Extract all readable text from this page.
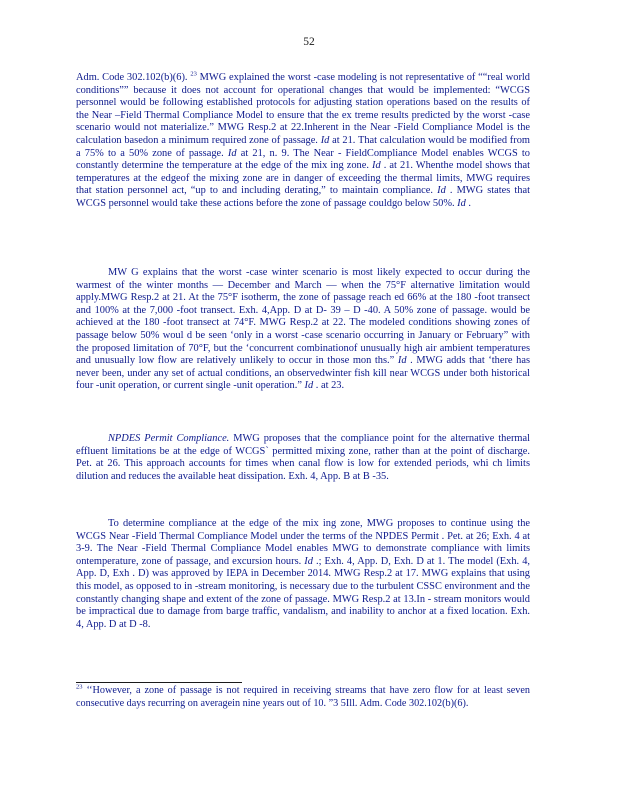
52

Adm. Code 302.102(b)(6). $^{23}$ MWG explained the worst -case modeling is not representative of ““real world conditions”” because it does not account for operational changes that would be implemented: “WCGS personnel would be following established protocols for adjusting station operations based on the results of the Near –Field Thermal Compliance Model to ensure that the ex treme results predicted by the worst -case scenario would not materialize.” MWG Resp.2 at 22.Inherent in the Near -Field Compliance Model is the calculation basedon a minimum required zone of passage. Id at 21. That calculation would be modified from a 75% to a 50% zone of passage. Id at 21, n. 9. The Near - FieldCompliance Model enables WCGS to constantly determine the temperature at the edge of the mix ing zone. Id . at 21. Whenthe model shows that temperatures at the edgeof the mixing zone are in danger of exceeding the thermal limits, MWG requires that station personnel act, “up to and including derating,” to maintain compliance. Id . MWG states that WCGS personnel would take these actions before the zone of passage couldgo below 50%. Id .

MW G explains that the worst -case winter scenario is most likely expected to occur during the warmest of the winter months — December and March — when the 75°F alternative limitation would apply.MWG Resp.2 at 21. At the 75°F isotherm, the zone of passage reach ed 66% at the 180 -foot transect and 100% at the 7,000 -foot transect. Exh. 4,App. D at D- 39 – D -40. A 50% zone of passage. would be achieved at the 180 -foot transect at 74°F. MWG Resp.2 at 22. The modeled conditions showing zones of passage below 50% woul d be seen ‘only in a worst -case scenario occurring in January or February” with the proposed limitation of 70°F, but the ‘concurrent combinationof unusually high air ambient temperatures and unusually low flow are relatively unlikely to occur in those mon ths.” Id . MWG adds that ‘there has never been, under any set of actual conditions, an observedwinter fish kill near WCGS under both historical four -unit operation, or current single -unit operation.” Id . at 23.

NPDES Permit Compliance. MWG proposes that the compliance point for the alternative thermal effluent limitations be at the edge of WCGS` permitted mixing zone, rather than at the point of discharge. Pet. at 26. This approach accounts for times when canal flow is low for extended periods, whi ch limits dilution and reduces the available heat dissipation. Exh. 4, App. B at B -35.

To determine compliance at the edge of the mix ing zone, MWG proposes to continue using the WCGS Near -Field Thermal Compliance Model under the terms of the NPDES Permit . Pet. at 26; Exh. 4 at 3-9. The Near -Field Thermal Compliance Model enables MWG to demonstrate compliance with limits ontemperature, zone of passage, and excursion hours. Id .; Exh. 4, App. D, Exh. D at 1. The model (Exh. 4, App. D, Exh . D) was approved by IEPA in December 2014. MWG Resp.2 at 17. MWG explains that using this model, as opposed to in -stream monitoring, is necessary due to the turbulent CSSC environment and the constantly changing shape and extent of the zone of passage. MWG Resp.2 at 13.In - stream monitors would be impractical due to damage from barge traffic, vandalism, and inability to anchor at a fixed location. Exh. 4, App. D at D -8.

$^{23}$ ‘‘However, a zone of passage is not required in receiving streams that have zero flow for at least seven consecutive days recurring on averagein nine years out of 10. ”3 5Ill. Adm. Code 302.102(b)(6).
